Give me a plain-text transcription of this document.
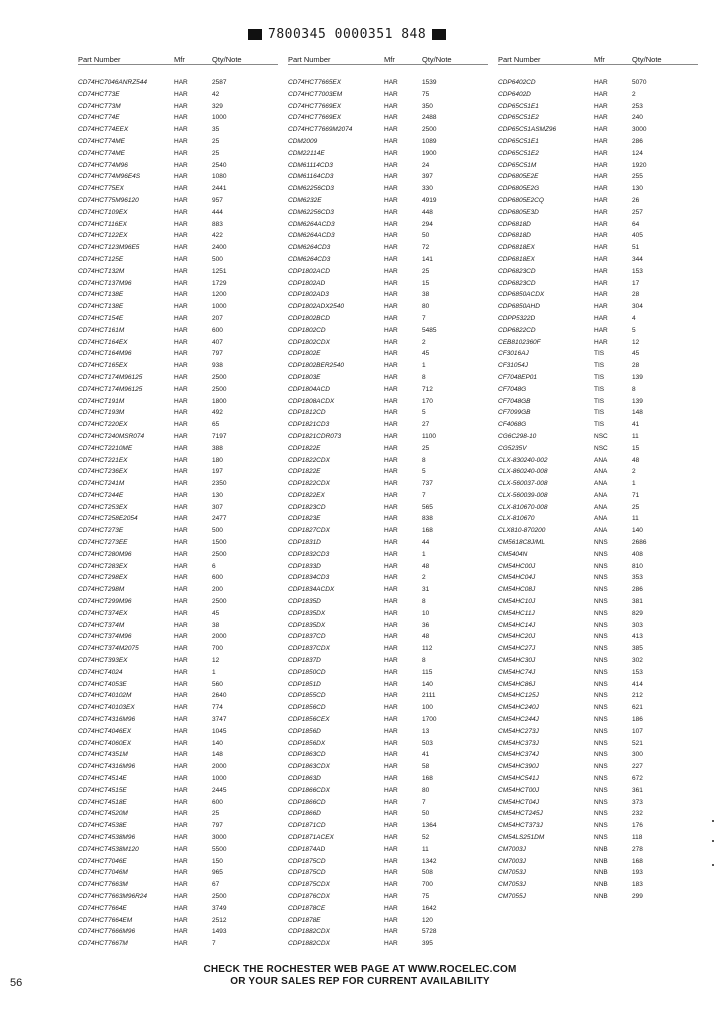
7800345 0000351 848
Part Number	Mfr	Qty/Note
CD74HC7046ANRZ544	HAR	2587
CD74HCT73E	HAR	42
CD74HCT73M	HAR	329
CD74HCT74E	HAR	1000
CD74HCT74EEX	HAR	35
CD74HCT74ME	HAR	25
CD74HCT74ME	HAR	25
CD74HCT74M96	HAR	2540
CD74HCT74M96E4S	HAR	1080
CD74HCT75EX	HAR	2441
CD74HCT75M96120	HAR	957
CD74HCT109EX	HAR	444
CD74HCT116EX	HAR	883
CD74HCT122EX	HAR	422
CD74HCT123M96E5	HAR	2400
CD74HCT125E	HAR	500
CD74HCT132M	HAR	1251
CD74HCT137M96	HAR	1729
CD74HCT138E	HAR	1200
CD74HCT138E	HAR	1000
CD74HCT154E	HAR	207
CD74HCT161M	HAR	600
CD74HCT164EX	HAR	407
CD74HCT164M96	HAR	797
CD74HCT165EX	HAR	938
CD74HCT174M96125	HAR	2500
CD74HCT174M96125	HAR	2500
CD74HCT191M	HAR	1800
CD74HCT193M	HAR	492
CD74HCT220EX	HAR	65
CD74HCT240MSR074	HAR	7197
CD74HCT2210ME	HAR	388
CD74HCT221EX	HAR	180
CD74HCT236EX	HAR	197
CD74HCT241M	HAR	2350
CD74HCT244E	HAR	130
CD74HCT253EX	HAR	307
CD74HCT258E2054	HAR	2477
CD74HCT273E	HAR	500
CD74HCT273EE	HAR	1500
CD74HCT280M96	HAR	2500
CD74HCT283EX	HAR	6
CD74HCT298EX	HAR	600
CD74HCT298M	HAR	200
CD74HCT299M96	HAR	2500
CD74HCT374EX	HAR	45
CD74HCT374M	HAR	38
CD74HCT374M96	HAR	2000
CD74HCT374M2075	HAR	700
CD74HCT393EX	HAR	12
CD74HCT4024	HAR	1
CD74HCT4053E	HAR	560
CD74HCT40102M	HAR	2640
CD74HCT40103EX	HAR	774
CD74HCT4316M96	HAR	3747
CD74HCT4046EX	HAR	1045
CD74HCT4060EX	HAR	140
CD74HCT4351M	HAR	148
CD74HCT4316M96	HAR	2000
CD74HCT4514E	HAR	1000
CD74HCT4515E	HAR	2445
CD74HCT4518E	HAR	600
CD74HCT4520M	HAR	25
CD74HCT4538E	HAR	797
CD74HCT4538M96	HAR	3000
CD74HCT4538M120	HAR	5500
CD74HCT7046E	HAR	150
CD74HCT7046M	HAR	965
CD74HCT7663M	HAR	67
CD74HCT7663M96R24	HAR	2500
CD74HCT7664E	HAR	3749
CD74HCT7664EM	HAR	2512
CD74HCT7666M96	HAR	1493
CD74HCT7667M	HAR	7
Part Number	Mfr	Qty/Note
CD74HCT7665EX	HAR	1539
CD74HCT7003EM	HAR	75
CD74HCT7669EX	HAR	350
CD74HCT7669EX	HAR	2488
CD74HCT7669M2074	HAR	2500
CDM2009	HAR	1089
CDM22114E	HAR	1900
CDM61114CD3	HAR	24
CDM61164CD3	HAR	397
CDM62256CD3	HAR	330
CDM6232E	HAR	4919
CDM62256CD3	HAR	448
CDM6264ACD3	HAR	294
CDM6264ACD3	HAR	50
CDM6264CD3	HAR	72
CDM6264CD3	HAR	141
CDP1802ACD	HAR	25
CDP1802AD	HAR	15
CDP1802AD3	HAR	38
CDP1802ADX2540	HAR	80
CDP1802BCD	HAR	7
CDP1802CD	HAR	5485
CDP1802CDX	HAR	2
CDP1802E	HAR	45
CDP1802BER2540	HAR	1
CDP1803E	HAR	8
CDP1804ACD	HAR	712
CDP1808ACDX	HAR	170
CDP1812CD	HAR	5
CDP1821CD3	HAR	27
CDP1821CDR073	HAR	1100
CDP1822E	HAR	25
CDP1822CDX	HAR	8
CDP1822E	HAR	5
CDP1822CDX	HAR	737
CDP1822EX	HAR	7
CDP1823CD	HAR	565
CDP1823E	HAR	838
CDP1827CDX	HAR	168
CDP1831D	HAR	44
CDP1832CD3	HAR	1
CDP1833D	HAR	48
CDP1834CD3	HAR	2
CDP1834ACDX	HAR	31
CDP1835D	HAR	8
CDP1835DX	HAR	10
CDP1835DX	HAR	36
CDP1837CD	HAR	48
CDP1837CDX	HAR	112
CDP1837D	HAR	8
CDP1850CD	HAR	115
CDP1851D	HAR	140
CDP1855CD	HAR	2111
CDP1856CD	HAR	100
CDP1856CEX	HAR	1700
CDP1856D	HAR	13
CDP1856DX	HAR	503
CDP1863CD	HAR	41
CDP1863CDX	HAR	58
CDP1863D	HAR	168
CDP1866CDX	HAR	80
CDP1866CD	HAR	7
CDP1866D	HAR	50
CDP1871CD	HAR	1364
CDP1871ACEX	HAR	52
CDP1874AD	HAR	11
CDP1875CD	HAR	1342
CDP1875CD	HAR	508
CDP1875CDX	HAR	700
CDP1876CDX	HAR	75
CDP1878CE	HAR	1642
CDP1878E	HAR	120
CDP1882CDX	HAR	5728
CDP1882CDX	HAR	395
Part Number	Mfr	Qty/Note
CDP6402CD	HAR	5070
CDP6402D	HAR	2
CDP65C51E1	HAR	253
CDP65C51E2	HAR	240
CDP65C51ASMZ96	HAR	3000
CDP65C51E1	HAR	286
CDP65C51E2	HAR	124
CDP65C51M	HAR	1920
CDP6805E2E	HAR	255
CDP6805E2G	HAR	130
CDP6805E2CQ	HAR	26
CDP6805E3D	HAR	257
CDP6818D	HAR	64
CDP6818D	HAR	405
CDP6818EX	HAR	51
CDP6818EX	HAR	344
CDP6823CD	HAR	153
CDP6823CD	HAR	17
CDP6850ACDX	HAR	28
CDP6850AHD	HAR	304
CDPP5322D	HAR	4
CDP6822CD	HAR	5
CEB8102360F	HAR	12
CF3016AJ	TIS	45
CF31054J	TIS	28
CF7048EP01	TIS	139
CF7048G	TIS	8
CF7048GB	TIS	139
CF7099GB	TIS	148
CF4068G	TIS	41
CG6C298-10	NSC	11
CG5235V	NSC	15
CLX-830240-002	ANA	48
CLX-860240-008	ANA	2
CLX-560037-008	ANA	1
CLX-560039-008	ANA	71
CLX-810670-008	ANA	25
CLX-810670	ANA	11
CLX810-870200	ANA	140
CM5618C8J/ML	NNS	2686
CM5404N	NNS	408
CM54HC00J	NNS	810
CM54HC04J	NNS	353
CM54HC08J	NNS	286
CM54HC10J	NNS	381
CM54HC11J	NNS	829
CM54HC14J	NNS	303
CM54HC20J	NNS	413
CM54HC27J	NNS	385
CM54HC30J	NNS	302
CM54HC74J	NNS	153
CM54HC86J	NNS	414
CM54HC125J	NNS	212
CM54HC240J	NNS	621
CM54HC244J	NNS	186
CM54HC273J	NNS	107
CM54HC373J	NNS	521
CM54HC374J	NNS	300
CM54HC390J	NNS	227
CM54HC541J	NNS	672
CM54HCT00J	NNS	361
CM54HCT04J	NNS	373
CM54HCT245J	NNS	232
CM54HCT373J	NNS	176
CM54LS251DM	NNS	118
CM7003J	NNB	278
CM7003J	NNB	168
CM7053J	NNB	193
CM7053J	NNB	183
CM7055J	NNB	299
56
CHECK THE ROCHESTER WEB PAGE AT WWW.ROCELEC.COM
OR YOUR SALES REP FOR CURRENT AVAILABILITY
